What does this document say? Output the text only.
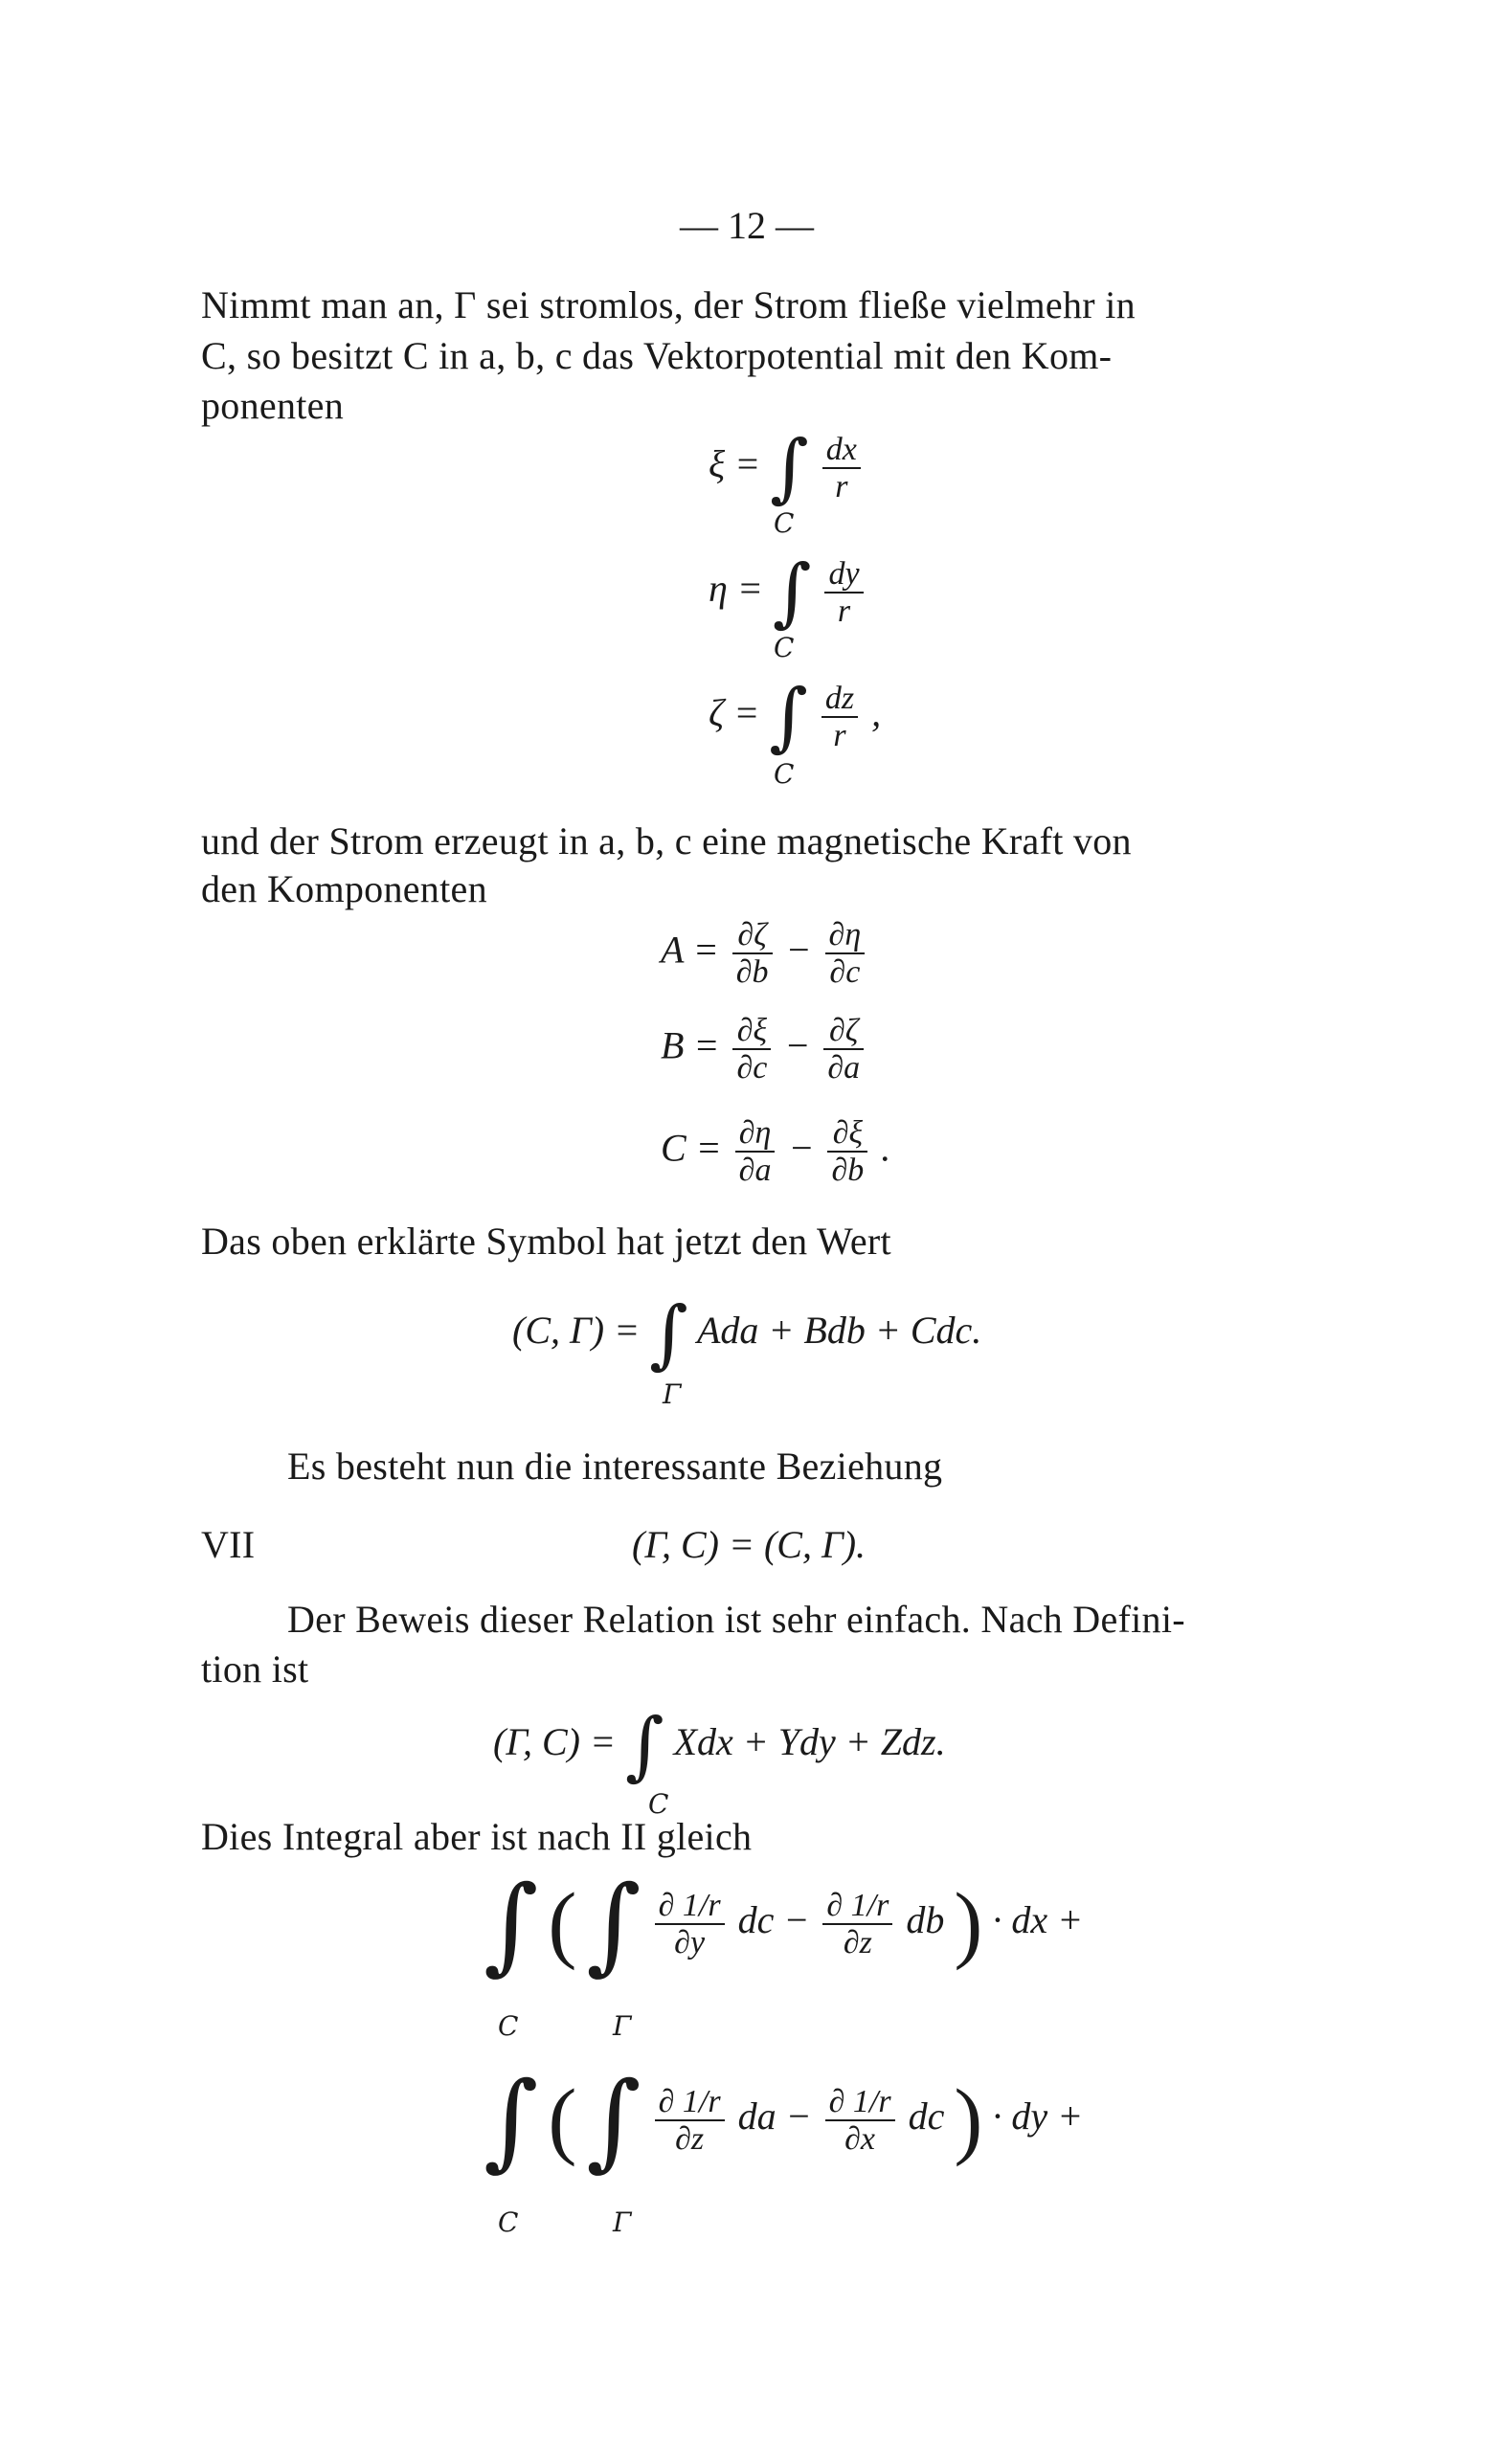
— 12 —
Nimmt man an, Γ sei stromlos, der Strom fließe vielmehr in
C, so besitzt C in a, b, c das Vektorpotential mit den Kom-
ponenten
ξ = ∫ $\frac{dx}{r}$
C
η = ∫ $\frac{dy}{r}$
C
ζ = ∫ $\frac{dz}{r}$ ,
C
und der Strom erzeugt in a, b, c eine magnetische Kraft von
den Komponenten
$A = \frac{\partial\zeta}{\partial b} - \frac{\partial\eta}{\partial c}$
$B = \frac{\partial\xi}{\partial c} - \frac{\partial\zeta}{\partial a}$
$C = \frac{\partial\eta}{\partial a} - \frac{\partial\xi}{\partial b}$ .
Das oben erklärte Symbol hat jetzt den Wert
(C, Γ) = ∫ Ada + Bdb + Cdc.
Γ
Es besteht nun die interessante Beziehung
VII	(Γ, C) = (C, Γ).
Der Beweis dieser Relation ist sehr einfach. Nach Defini-
tion ist
(Γ, C) = ∫ Xdx + Ydy + Zdz.
C
Dies Integral aber ist nach II gleich
∫ ( ∫ $\frac{\partial 1/r}{\partial y}$ dc − $\frac{\partial 1/r}{\partial z}$ db ) · dx +
C	Γ
∫ ( ∫ $\frac{\partial 1/r}{\partial z}$ da − $\frac{\partial 1/r}{\partial x}$ dc ) · dy +
C	Γ
